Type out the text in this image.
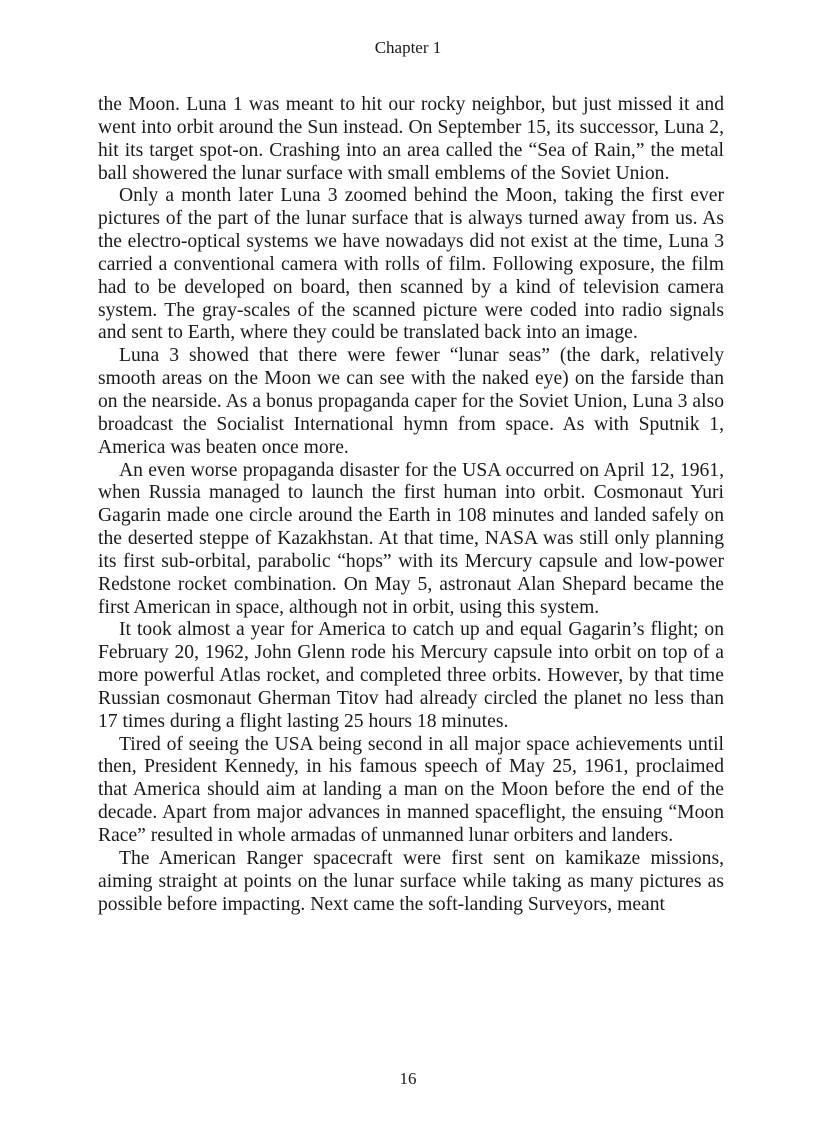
Chapter 1

the Moon. Luna 1 was meant to hit our rocky neighbor, but just missed it and went into orbit around the Sun instead. On September 15, its successor, Luna 2, hit its target spot-on. Crashing into an area called the “Sea of Rain,” the metal ball showered the lunar surface with small emblems of the Soviet Union.

Only a month later Luna 3 zoomed behind the Moon, taking the first ever pictures of the part of the lunar surface that is always turned away from us. As the electro-optical systems we have nowadays did not exist at the time, Luna 3 carried a conventional camera with rolls of film. Following exposure, the film had to be developed on board, then scanned by a kind of television camera system. The gray-scales of the scanned picture were coded into radio signals and sent to Earth, where they could be translated back into an image.

Luna 3 showed that there were fewer “lunar seas” (the dark, relatively smooth areas on the Moon we can see with the naked eye) on the farside than on the nearside. As a bonus propaganda caper for the Soviet Union, Luna 3 also broadcast the Socialist International hymn from space. As with Sputnik 1, America was beaten once more.

An even worse propaganda disaster for the USA occurred on April 12, 1961, when Russia managed to launch the first human into orbit. Cosmonaut Yuri Gagarin made one circle around the Earth in 108 minutes and landed safely on the deserted steppe of Kazakhstan. At that time, NASA was still only planning its first sub-orbital, parabolic “hops” with its Mercury capsule and low-power Redstone rocket combination. On May 5, astronaut Alan Shepard became the first American in space, although not in orbit, using this system.

It took almost a year for America to catch up and equal Gagarin’s flight; on February 20, 1962, John Glenn rode his Mercury capsule into orbit on top of a more powerful Atlas rocket, and completed three orbits. However, by that time Russian cosmonaut Gherman Titov had already circled the planet no less than 17 times during a flight lasting 25 hours 18 minutes.

Tired of seeing the USA being second in all major space achievements until then, President Kennedy, in his famous speech of May 25, 1961, proclaimed that America should aim at landing a man on the Moon before the end of the decade. Apart from major advances in manned spaceflight, the ensuing “Moon Race” resulted in whole armadas of unmanned lunar orbiters and landers.

The American Ranger spacecraft were first sent on kamikaze missions, aiming straight at points on the lunar surface while taking as many pictures as possible before impacting. Next came the soft-landing Surveyors, meant

16
